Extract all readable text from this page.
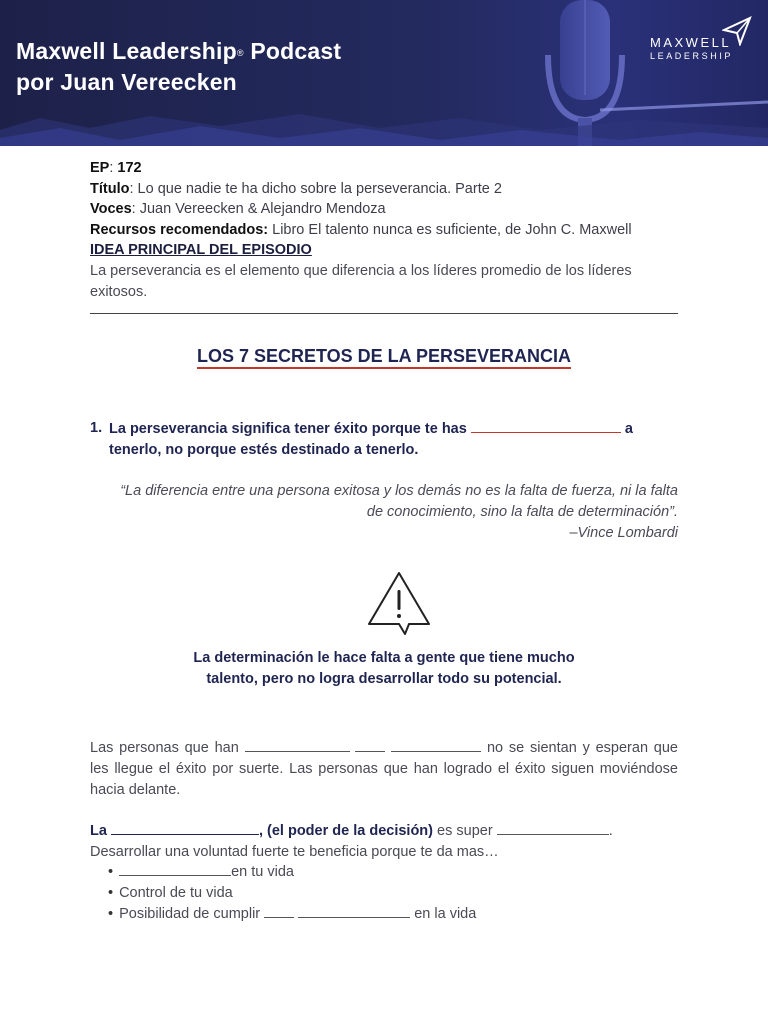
Maxwell Leadership® Podcast
por Juan Vereecken
MAXWELL
LEADERSHIP
EP: 172
Título: Lo que nadie te ha dicho sobre la perseverancia. Parte 2
Voces: Juan Vereecken & Alejandro Mendoza
Recursos recomendados: Libro El talento nunca es suficiente, de John C. Maxwell
IDEA PRINCIPAL DEL EPISODIO
La perseverancia es el elemento que diferencia a los líderes promedio de los líderes exitosos.
LOS 7 SECRETOS DE LA PERSEVERANCIA
1. La perseverancia significa tener éxito porque te has	a tenerlo, no porque estés destinado a tenerlo.
“La diferencia entre una persona exitosa y los demás no es la falta de fuerza, ni la falta
de conocimiento, sino la falta de determinación”.
–Vince Lombardi
La determinación le hace falta a gente que tiene mucho
talento, pero no logra desarrollar todo su potencial.
Las personas que han	no se sientan y esperan que les llegue el éxito por suerte. Las personas que han logrado el éxito siguen moviéndose hacia delante.
La	, (el poder de la decisión) es super	.
Desarrollar una voluntad fuerte te beneficia porque te da mas…
• en tu vida
• Control de tu vida
• Posibilidad de cumplir	en la vida
